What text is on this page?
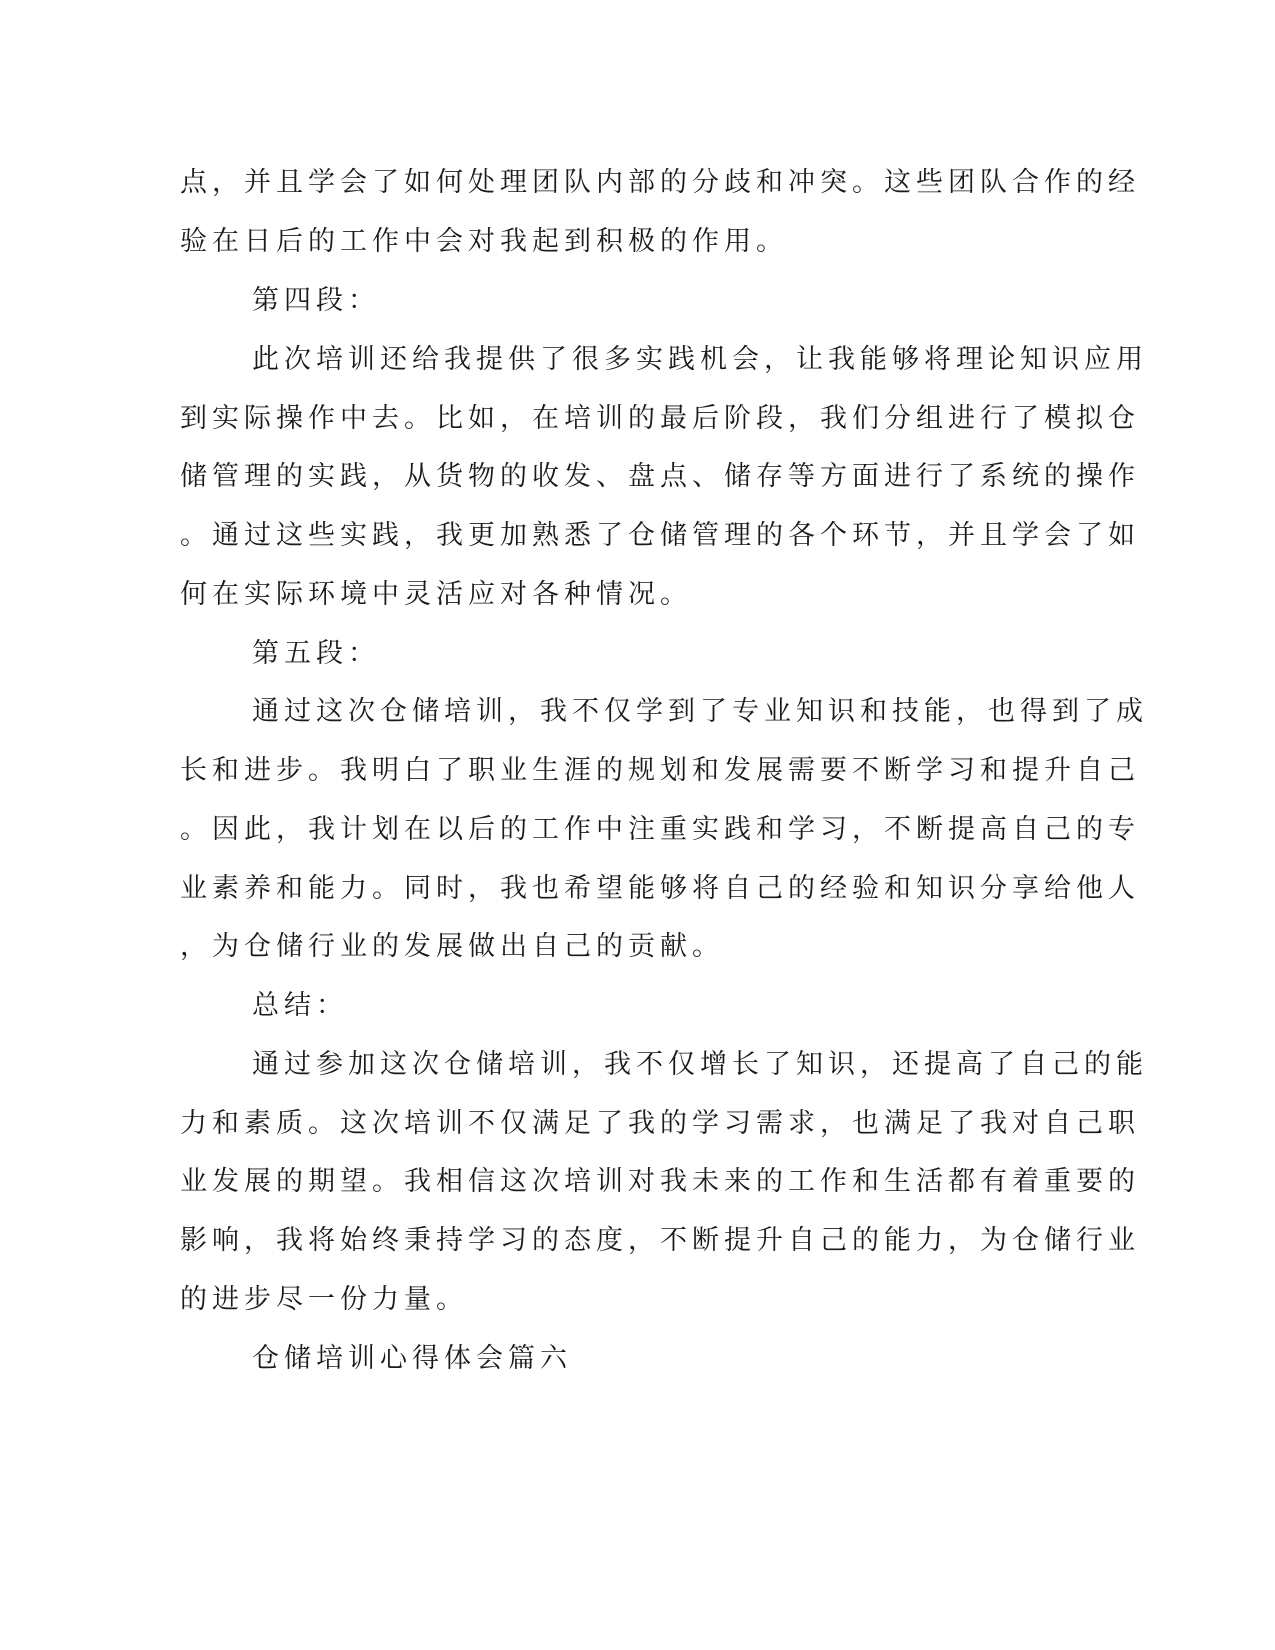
点，并且学会了如何处理团队内部的分歧和冲突。这些团队合作的经

验在日后的工作中会对我起到积极的作用。

第四段：

此次培训还给我提供了很多实践机会，让我能够将理论知识应用

到实际操作中去。比如，在培训的最后阶段，我们分组进行了模拟仓

储管理的实践，从货物的收发、盘点、储存等方面进行了系统的操作

。通过这些实践，我更加熟悉了仓储管理的各个环节，并且学会了如

何在实际环境中灵活应对各种情况。

第五段：

通过这次仓储培训，我不仅学到了专业知识和技能，也得到了成

长和进步。我明白了职业生涯的规划和发展需要不断学习和提升自己

。因此，我计划在以后的工作中注重实践和学习，不断提高自己的专

业素养和能力。同时，我也希望能够将自己的经验和知识分享给他人

，为仓储行业的发展做出自己的贡献。

总结：

通过参加这次仓储培训，我不仅增长了知识，还提高了自己的能

力和素质。这次培训不仅满足了我的学习需求，也满足了我对自己职

业发展的期望。我相信这次培训对我未来的工作和生活都有着重要的

影响，我将始终秉持学习的态度，不断提升自己的能力，为仓储行业

的进步尽一份力量。

仓储培训心得体会篇六
